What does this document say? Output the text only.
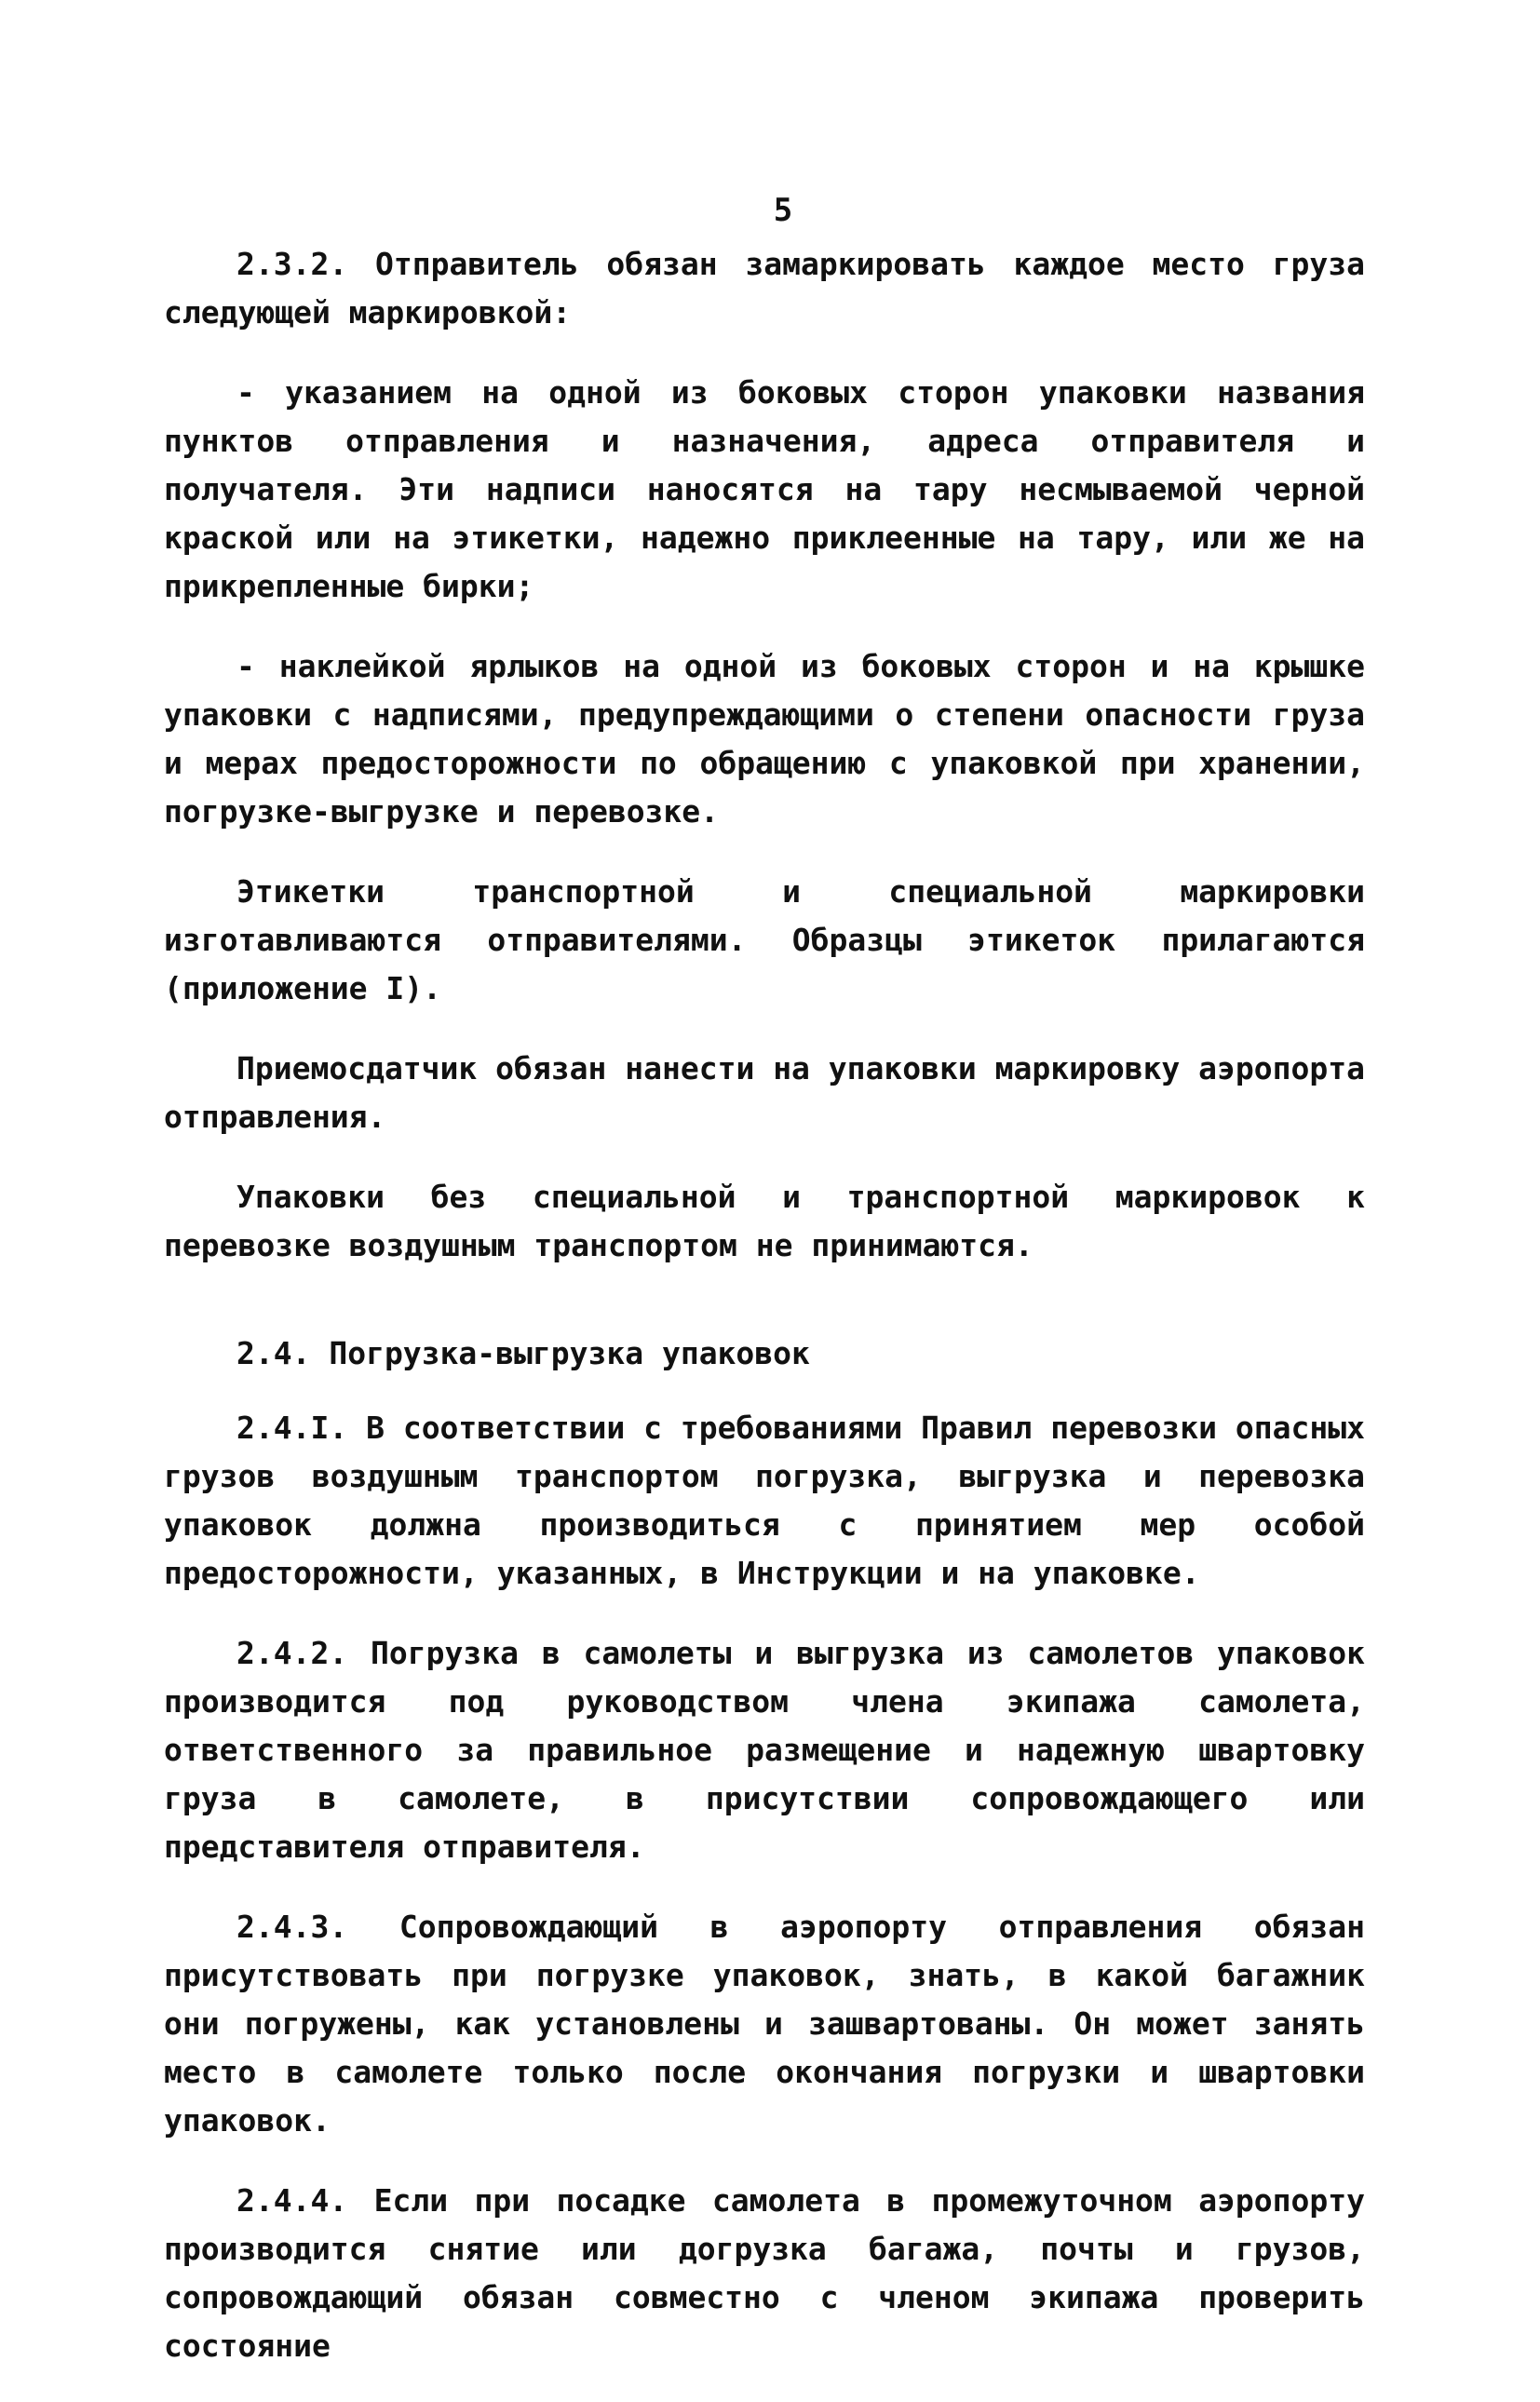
5

2.3.2. Отправитель обязан замаркировать каждое место груза следующей маркировкой:

- указанием на одной из боковых сторон упаковки названия пунктов отправления и назначения, адреса отправителя и получателя. Эти надписи наносятся на тару несмываемой черной краской или на этикетки, надежно приклеенные на тару, или же на прикрепленные бирки;

- наклейкой ярлыков на одной из боковых сторон и на крышке упаковки с надписями, предупреждающими о степени опасности груза и мерах предосторожности по обращению с упаковкой при хранении, погрузке-выгрузке и перевозке.

Этикетки транспортной и специальной маркировки изготавливаются отправителями. Образцы этикеток прилагаются (приложение I).

Приемосдатчик обязан нанести на упаковки маркировку аэропорта отправления.

Упаковки без специальной и транспортной маркировок к перевозке воздушным транспортом не принимаются.

2.4. Погрузка-выгрузка упаковок

2.4.I. В соответствии с требованиями Правил перевозки опасных грузов воздушным транспортом погрузка, выгрузка и перевозка упаковок должна производиться с принятием мер особой предосторожности, указанных, в Инструкции и на упаковке.

2.4.2. Погрузка в самолеты и выгрузка из самолетов упаковок производится под руководством члена экипажа самолета, ответственного за правильное размещение и надежную швартовку груза в самолете, в присутствии сопровождающего или представителя отправителя.

2.4.3. Сопровождающий в аэропорту отправления обязан присутствовать при погрузке упаковок, знать, в какой багажник они погружены, как установлены и зашвартованы. Он может занять место в самолете только после окончания погрузки и швартовки упаковок.

2.4.4. Если при посадке самолета в промежуточном аэропорту производится снятие или догрузка багажа, почты и грузов, сопровождающий обязан совместно с членом экипажа проверить состояние
